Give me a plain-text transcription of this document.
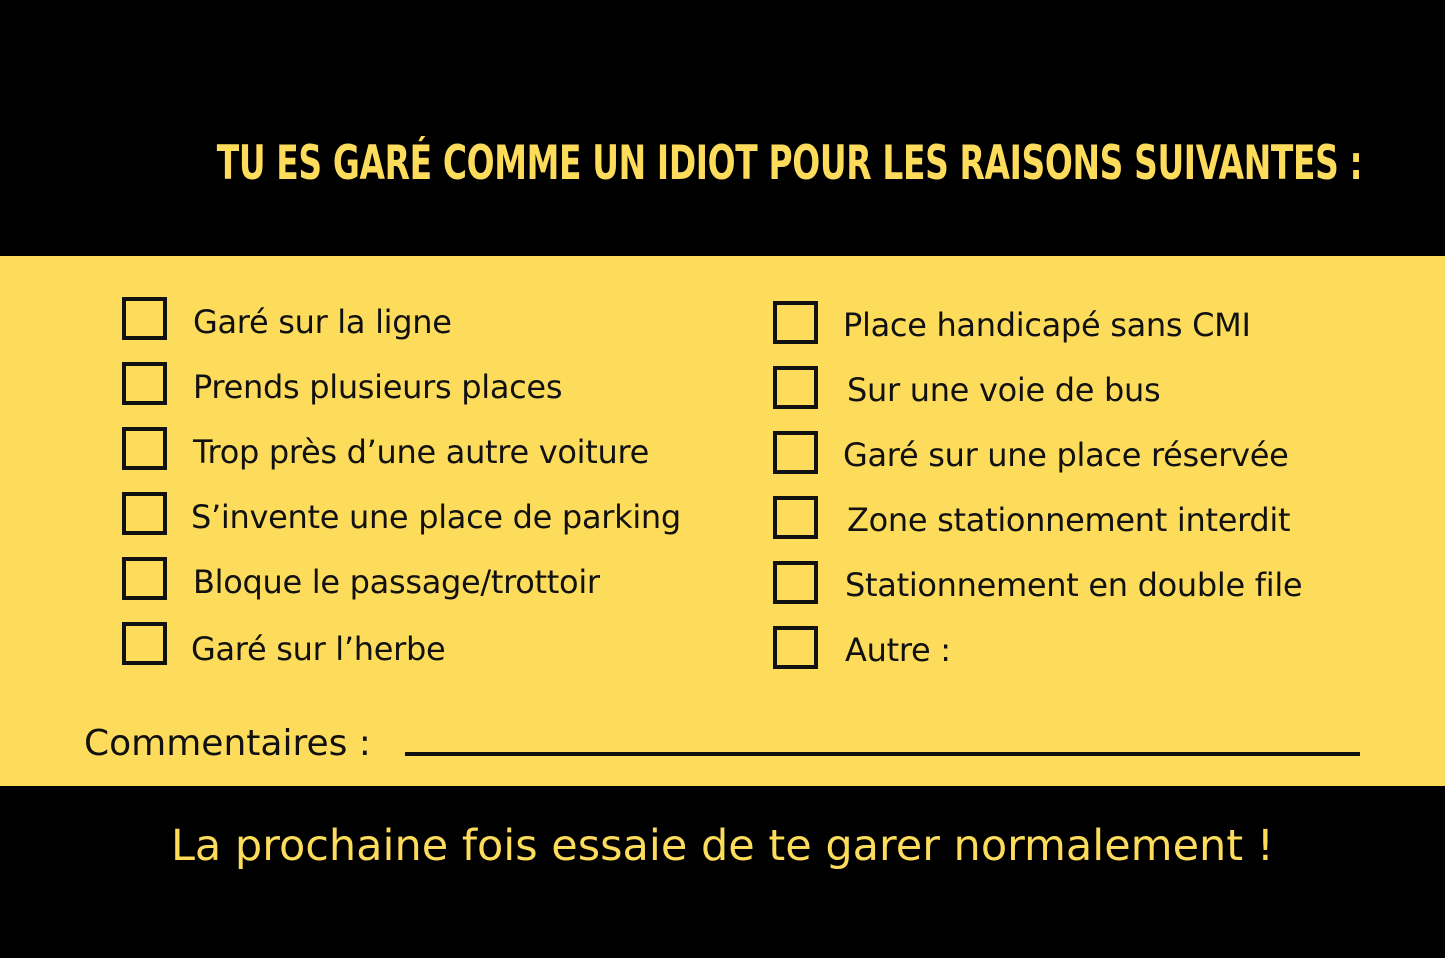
TU ES GARÉ COMME UN IDIOT POUR LES RAISONS SUIVANTES :
Garé sur la ligne
Prends plusieurs places
Trop près d’une autre voiture
S’invente une place de parking
Bloque le passage/trottoir
Garé sur l’herbe
Place handicapé sans CMI
Sur une voie de bus
Garé sur une place réservée
Zone stationnement interdit
Stationnement en double file
Autre :
Commentaires :
La prochaine fois essaie de te garer normalement !
